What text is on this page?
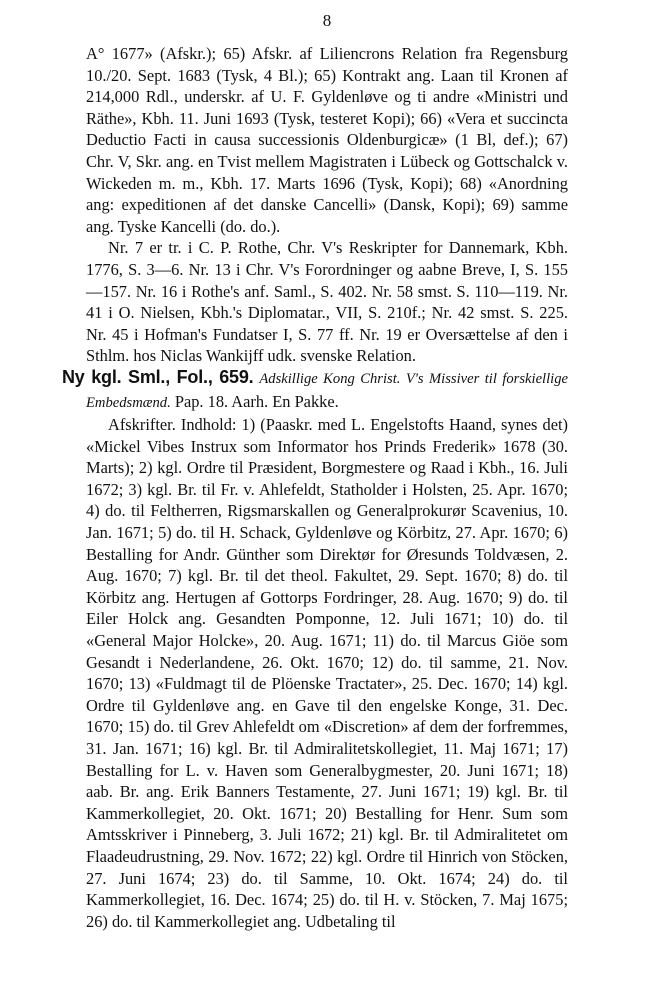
8

A° 1677» (Afskr.); 65) Afskr. af Liliencrons Relation fra Regensburg 10./20. Sept. 1683 (Tysk, 4 Bl.); 65) Kontrakt ang. Laan til Kronen af 214,000 Rdl., underskr. af U. F. Gyldenløve og ti andre «Ministri und Räthe», Kbh. 11. Juni 1693 (Tysk, testeret Kopi); 66) «Vera et succincta Deductio Facti in causa successionis Oldenburgicæ» (1 Bl, def.); 67) Chr. V, Skr. ang. en Tvist mellem Magistraten i Lübeck og Gottschalck v. Wickeden m. m., Kbh. 17. Marts 1696 (Tysk, Kopi); 68) «Anordning ang: expeditionen af det danske Cancelli» (Dansk, Kopi); 69) samme ang. Tyske Kancelli (do. do.).

Nr. 7 er tr. i C. P. Rothe, Chr. V's Reskripter for Dannemark, Kbh. 1776, S. 3—6. Nr. 13 i Chr. V's Forordninger og aabne Breve, I, S. 155—157. Nr. 16 i Rothe's anf. Saml., S. 402. Nr. 58 smst. S. 110—119. Nr. 41 i O. Nielsen, Kbh.'s Diplomatar., VII, S. 210f.; Nr. 42 smst. S. 225. Nr. 45 i Hofman's Fundatser I, S. 77 ff. Nr. 19 er Oversættelse af den i Sthlm. hos Niclas Wankijff udk. svenske Relation.

Ny kgl. Sml., Fol., 659. Adskillige Kong Christ. V's Missiver til forskiellige Embedsmænd. Pap. 18. Aarh. En Pakke.

Afskrifter. Indhold: 1) (Paaskr. med L. Engelstofts Haand, synes det) «Mickel Vibes Instrux som Informator hos Prinds Frederik» 1678 (30. Marts); 2) kgl. Ordre til Præsident, Borgmestere og Raad i Kbh., 16. Juli 1672; 3) kgl. Br. til Fr. v. Ahlefeldt, Statholder i Holsten, 25. Apr. 1670; 4) do. til Feltherren, Rigsmarskallen og Generalprokurør Scavenius, 10. Jan. 1671; 5) do. til H. Schack, Gyldenløve og Körbitz, 27. Apr. 1670; 6) Bestalling for Andr. Günther som Direktør for Øresunds Toldvæsen, 2. Aug. 1670; 7) kgl. Br. til det theol. Fakultet, 29. Sept. 1670; 8) do. til Körbitz ang. Hertugen af Gottorps Fordringer, 28. Aug. 1670; 9) do. til Eiler Holck ang. Gesandten Pomponne, 12. Juli 1671; 10) do. til «General Major Holcke», 20. Aug. 1671; 11) do. til Marcus Giöe som Gesandt i Nederlandene, 26. Okt. 1670; 12) do. til samme, 21. Nov. 1670; 13) «Fuldmagt til de Plöenske Tractater», 25. Dec. 1670; 14) kgl. Ordre til Gyldenløve ang. en Gave til den engelske Konge, 31. Dec. 1670; 15) do. til Grev Ahlefeldt om «Discretion» af dem der forfremmes, 31. Jan. 1671; 16) kgl. Br. til Admiralitetskollegiet, 11. Maj 1671; 17) Bestalling for L. v. Haven som Generalbygmester, 20. Juni 1671; 18) aab. Br. ang. Erik Banners Testamente, 27. Juni 1671; 19) kgl. Br. til Kammerkollegiet, 20. Okt. 1671; 20) Bestalling for Henr. Sum som Amtsskriver i Pinneberg, 3. Juli 1672; 21) kgl. Br. til Admiralitetet om Flaadeudrustning, 29. Nov. 1672; 22) kgl. Ordre til Hinrich von Stöcken, 27. Juni 1674; 23) do. til Samme, 10. Okt. 1674; 24) do. til Kammerkollegiet, 16. Dec. 1674; 25) do. til H. v. Stöcken, 7. Maj 1675; 26) do. til Kammerkollegiet ang. Udbetaling til
